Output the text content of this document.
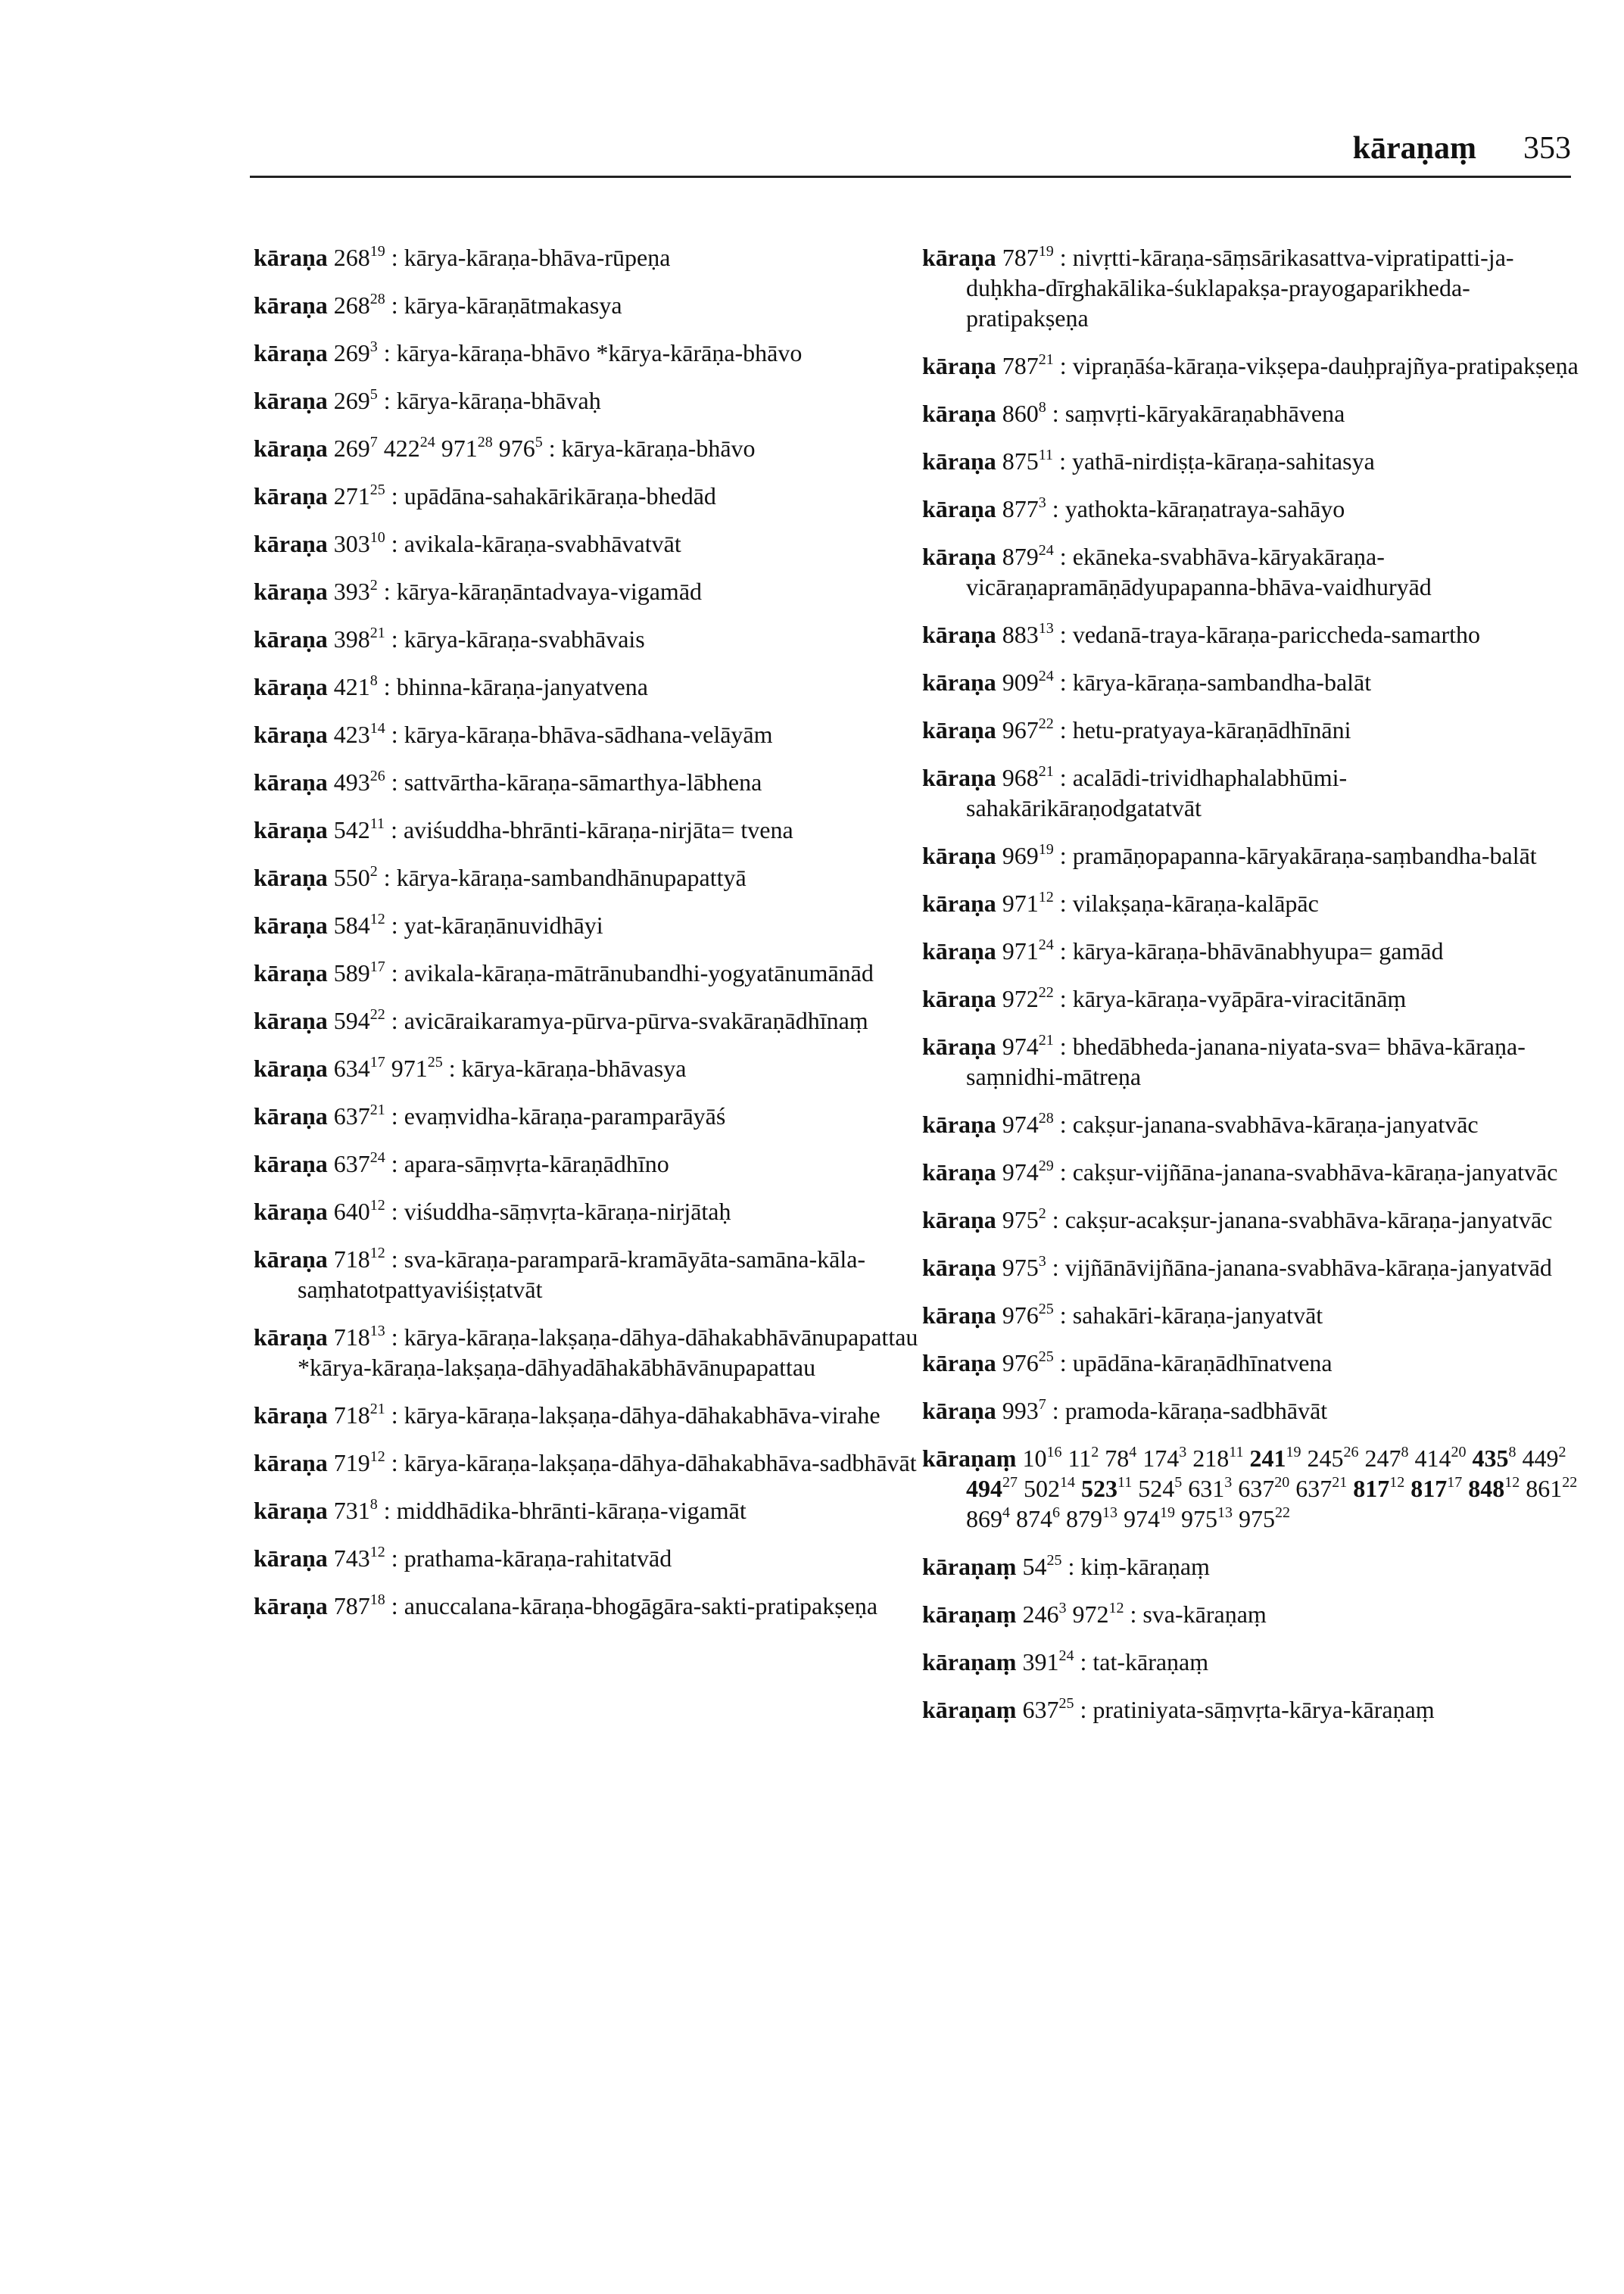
kāraṇaṃ 353
kāraṇa $268^{19}$ : kārya-kāraṇa-bhāva-rūpeṇa
kāraṇa $268^{28}$ : kārya-kāraṇātmakasya
kāraṇa $269^3$ : kārya-kāraṇa-bhāvo *kārya-kārāṇa-bhāvo
kāraṇa $269^5$ : kārya-kāraṇa-bhāvaḥ
kāraṇa $269^7$ $422^{24}$ $971^{28}$ $976^5$ : kārya-kāraṇa-bhāvo
kāraṇa $271^{25}$ : upādāna-sahakārikāraṇa-bhedād
kāraṇa $303^{10}$ : avikala-kāraṇa-svabhāvatvāt
kāraṇa $393^2$ : kārya-kāraṇāntadvaya-vigamād
kāraṇa $398^{21}$ : kārya-kāraṇa-svabhāvais
kāraṇa $421^8$ : bhinna-kāraṇa-janyatvena
kāraṇa $423^{14}$ : kārya-kāraṇa-bhāva-sādhana-velāyām
kāraṇa $493^{26}$ : sattvārtha-kāraṇa-sāmarthya-lābhena
kāraṇa $542^{11}$ : aviśuddha-bhrānti-kāraṇa-nirjāta= tvena
kāraṇa $550^2$ : kārya-kāraṇa-sambandhānupapattyā
kāraṇa $584^{12}$ : yat-kāraṇānuvidhāyi
kāraṇa $589^{17}$ : avikala-kāraṇa-mātrānubandhi-yogyatānumānād
kāraṇa $594^{22}$ : avicāraikaramya-pūrva-pūrva-svakāraṇādhīnaṃ
kāraṇa $634^{17}$ $971^{25}$ : kārya-kāraṇa-bhāvasya
kāraṇa $637^{21}$ : evaṃvidha-kāraṇa-paramparāyāś
kāraṇa $637^{24}$ : apara-sāṃvṛta-kāraṇādhīno
kāraṇa $640^{12}$ : viśuddha-sāṃvṛta-kāraṇa-nirjātaḥ
kāraṇa $718^{12}$ : sva-kāraṇa-paramparā-kramāyāta-samāna-kāla-saṃhatotpattyaviśiṣṭatvāt
kāraṇa $718^{13}$ : kārya-kāraṇa-lakṣaṇa-dāhya-dāhakabhāvānupapattau *kārya-kāraṇa-lakṣaṇa-dāhyadāhakābhāvānupapattau
kāraṇa $718^{21}$ : kārya-kāraṇa-lakṣaṇa-dāhya-dāhakabhāva-virahe
kāraṇa $719^{12}$ : kārya-kāraṇa-lakṣaṇa-dāhya-dāhakabhāva-sadbhāvāt
kāraṇa $731^8$ : middhādika-bhrānti-kāraṇa-vigamāt
kāraṇa $743^{12}$ : prathama-kāraṇa-rahitatvād
kāraṇa $787^{18}$ : anuccalana-kāraṇa-bhogāgāra-sakti-pratipakṣeṇa
kāraṇa $787^{19}$ : nivṛtti-kāraṇa-sāṃsārikasattva-vipratipatti-ja-duḥkha-dīrghakālika-śuklapakṣa-prayogaparikheda-pratipakṣeṇa
kāraṇa $787^{21}$ : vipraṇāśa-kāraṇa-vikṣepa-dauḥprajñya-pratipakṣeṇa
kāraṇa $860^8$ : saṃvṛti-kāryakāraṇabhāvena
kāraṇa $875^{11}$ : yathā-nirdiṣṭa-kāraṇa-sahitasya
kāraṇa $877^3$ : yathokta-kāraṇatraya-sahāyo
kāraṇa $879^{24}$ : ekāneka-svabhāva-kāryakāraṇa-vicāraṇapramāṇādyupapanna-bhāva-vaidhuryād
kāraṇa $883^{13}$ : vedanā-traya-kāraṇa-pariccheda-samartho
kāraṇa $909^{24}$ : kārya-kāraṇa-sambandha-balāt
kāraṇa $967^{22}$ : hetu-pratyaya-kāraṇādhīnāni
kāraṇa $968^{21}$ : acalādi-trividhaphalabhūmi-sahakārikāraṇodgatatvāt
kāraṇa $969^{19}$ : pramāṇopapanna-kāryakāraṇa-saṃbandha-balāt
kāraṇa $971^{12}$ : vilakṣaṇa-kāraṇa-kalāpāc
kāraṇa $971^{24}$ : kārya-kāraṇa-bhāvānabhyupa= gamād
kāraṇa $972^{22}$ : kārya-kāraṇa-vyāpāra-viracitānāṃ
kāraṇa $974^{21}$ : bhedābheda-janana-niyata-sva= bhāva-kāraṇa-saṃnidhi-mātreṇa
kāraṇa $974^{28}$ : cakṣur-janana-svabhāva-kāraṇa-janyatvāc
kāraṇa $974^{29}$ : cakṣur-vijñāna-janana-svabhāva-kāraṇa-janyatvāc
kāraṇa $975^2$ : cakṣur-acakṣur-janana-svabhāva-kāraṇa-janyatvāc
kāraṇa $975^3$ : vijñānāvijñāna-janana-svabhāva-kāraṇa-janyatvād
kāraṇa $976^{25}$ : sahakāri-kāraṇa-janyatvāt
kāraṇa $976^{25}$ : upādāna-kāraṇādhīnatvena
kāraṇa $993^7$ : pramoda-kāraṇa-sadbhāvāt
kāraṇaṃ $10^{16}$ $11^2$ $78^4$ $174^3$ $218^{11}$ $241^{19}$ $245^{26}$ $247^8$ $414^{20}$ $435^8$ $449^2$ $494^{27}$ $502^{14}$ $523^{11}$ $524^5$ $631^3$ $637^{20}$ $637^{21}$ $817^{12}$ $817^{17}$ $848^{12}$ $861^{22}$ $869^4$ $874^6$ $879^{13}$ $974^{19}$ $975^{13}$ $975^{22}$
kāraṇaṃ $54^{25}$ : kiṃ-kāraṇaṃ
kāraṇaṃ $246^3$ $972^{12}$ : sva-kāraṇaṃ
kāraṇaṃ $391^{24}$ : tat-kāraṇaṃ
kāraṇaṃ $637^{25}$ : pratiniyata-sāṃvṛta-kārya-kāraṇaṃ
